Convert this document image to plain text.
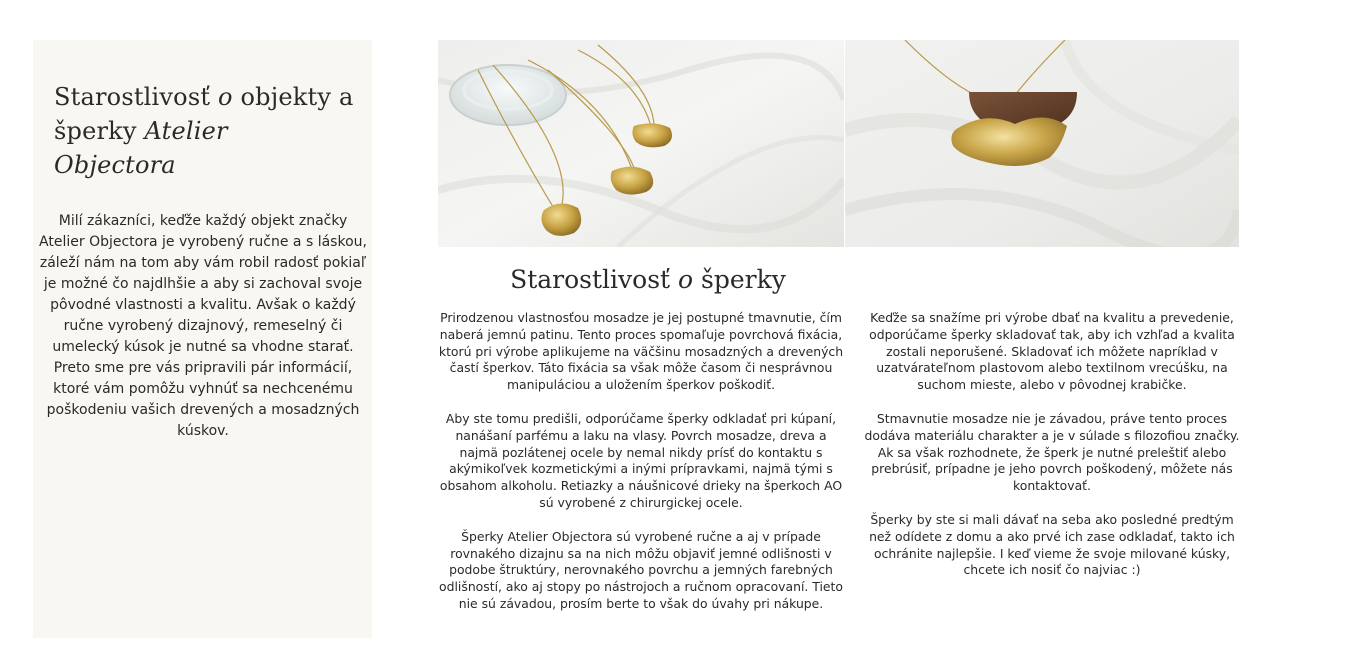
Starostlivosť o objekty a šperky Atelier Objectora

Milí zákazníci, keďže každý objekt značky Atelier Objectora je vyrobený ručne a s láskou, záleží nám na tom aby vám robil radosť pokiaľ je možné čo najdlhšie a aby si zachoval svoje pôvodné vlastnosti a kvalitu. Avšak o každý ručne vyrobený dizajnový, remeselný či umelecký kúsok je nutné sa vhodne starať. Preto sme pre vás pripravili pár informácií, ktoré vám pomôžu vyhnúť sa nechcenému poškodeniu vašich drevených a mosadzných kúskov.

Starostlivosť o šperky

Prirodzenou vlastnosťou mosadze je jej postupné tmavnutie, čím naberá jemnú patinu. Tento proces spomaľuje povrchová fixácia, ktorú pri výrobe aplikujeme na väčšinu mosadzných a drevených častí šperkov. Táto fixácia sa však môže časom či nesprávnou manipuláciou a uložením šperkov poškodiť.

Aby ste tomu predišli, odporúčame šperky odkladať pri kúpaní, nanášaní parfému a laku na vlasy. Povrch mosadze, dreva a najmä pozlátenej ocele by nemal nikdy prísť do kontaktu s akýmikoľvek kozmetickými a inými prípravkami, najmä tými s obsahom alkoholu. Retiazky a náušnicové drieky na šperkoch AO sú vyrobené z chirurgickej ocele.

Šperky Atelier Objectora sú vyrobené ručne a aj v prípade rovnakého dizajnu sa na nich môžu objaviť jemné odlišnosti v podobe štruktúry, nerovnakého povrchu a jemných farebných odlišností, ako aj stopy po nástrojoch a ručnom opracovaní. Tieto nie sú závadou, prosím berte to však do úvahy pri nákupe.

Keďže sa snažíme pri výrobe dbať na kvalitu a prevedenie, odporúčame šperky skladovať tak, aby ich vzhľad a kvalita zostali neporušené. Skladovať ich môžete napríklad v uzatvárateľnom plastovom alebo textilnom vrecúšku, na suchom mieste, alebo v pôvodnej krabičke.

Stmavnutie mosadze nie je závadou, práve tento proces dodáva materiálu charakter a je v súlade s filozofiou značky. Ak sa však rozhodnete, že šperk je nutné preleštiť alebo prebrúsiť, prípadne je jeho povrch poškodený, môžete nás kontaktovať.

Šperky by ste si mali dávať na seba ako posledné predtým než odídete z domu a ako prvé ich zase odkladať, takto ich ochránite najlepšie. I keď vieme že svoje milované kúsky, chcete ich nosiť čo najviac :)
